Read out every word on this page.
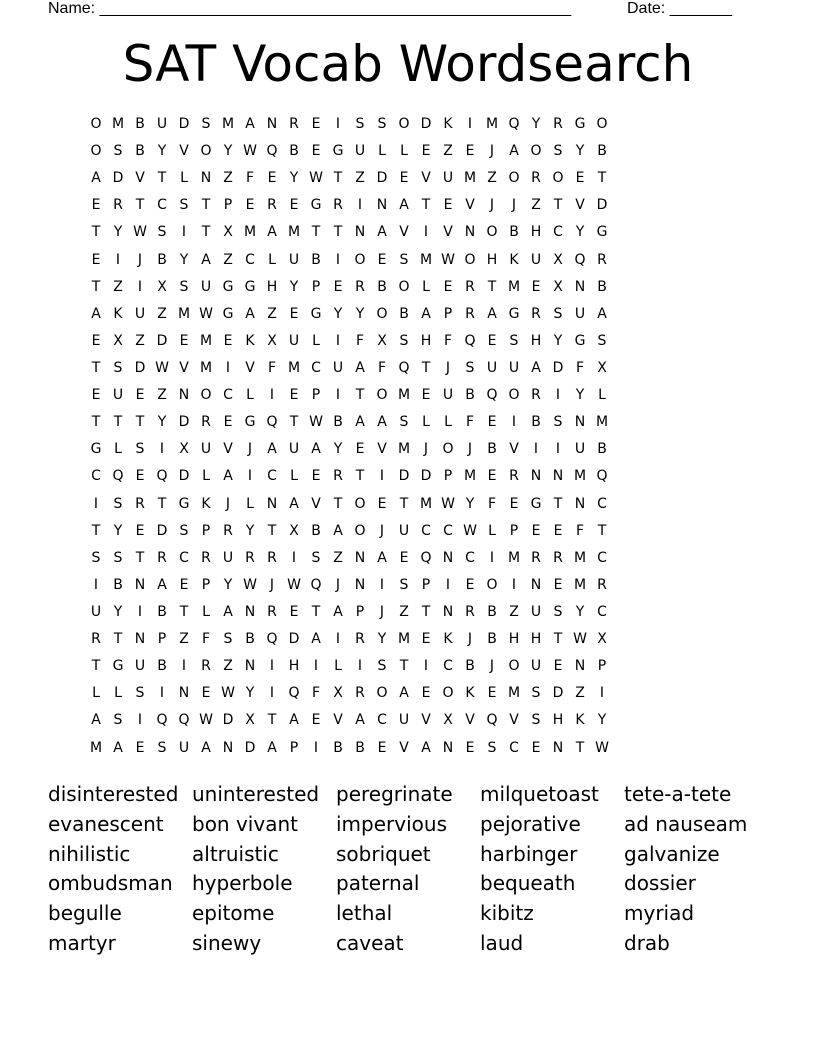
Name: _____________________________________________________	Date: _______
SAT Vocab Wordsearch
O M B U D S M A N R E	I	S S O D K	I M Q Y R G O
O S B Y V O Y W Q B E G U L	L E Z E	J	A O S Y B
A D V T L N Z F E Y W T Z D E V U M Z O R O E T
E R T C S T P E R E G R	I	N A T E V	J	J	Z T V D
T Y W S	I	T X M A M T T N A V	I	V N O B H C Y G
E	I	J	B Y A Z C L U B	I	O E S M W O H K U X Q R
T Z	I	X S U G G H Y P E R B O L E R T M E X N B
A K U Z M W G A Z E G Y Y O B A P R A G R S U A
E X Z D E M E K X U L	I	F X S H F Q E S H Y G S
T S D W V M I	V F M C U A F Q T	J	S U U A D F X
E U E Z N O C L	I	E P	I	T O M E U B Q O R	I	Y L
T T T Y D R E G Q T W B A A S L	L	F E	I	B S N M
G L S	I	X U V	J	A U A Y E V M J	O	J	B V	I	I	U B
C Q E Q D L A	I	C L E R T	I	D D P M E R N N M Q
I	S R T G K	J	L N A V T O E T M W Y F E G T N C
T Y E D S P R Y T X B A O	J	U C C W L P E E F T
S S T R C R U R R	I	S Z N A E Q N C	I M R R M C
I	B N A E P Y W J W Q	J	N	I	S P	I	E O	I	N E M R
U Y	I	B T L A N R E T A P	J	Z T N R B Z U S Y C
R T N P Z F S B Q D A	I	R Y M E K	J	B H H T W X
T G U B	I	R Z N	I	H	I	L	I	S T	I	C B	J	O U E N P
L	L S	I	N E W Y	I	Q F X R O A E O K E M S D Z	I
A S	I	Q Q W D X T A E V A C U V X V Q V S H K Y
M A E S U A N D A P	I	B B E V A N E S C E N T W
disinterested uninterested peregrinate	milquetoast	tete-a-tete
evanescent	bon vivant	impervious	pejorative	ad nauseam
nihilistic	altruistic	sobriquet	harbinger	galvanize
ombudsman hyperbole	paternal	bequeath	dossier
begulle	epitome	lethal	kibitz	myriad
martyr	sinewy	caveat	laud	drab
